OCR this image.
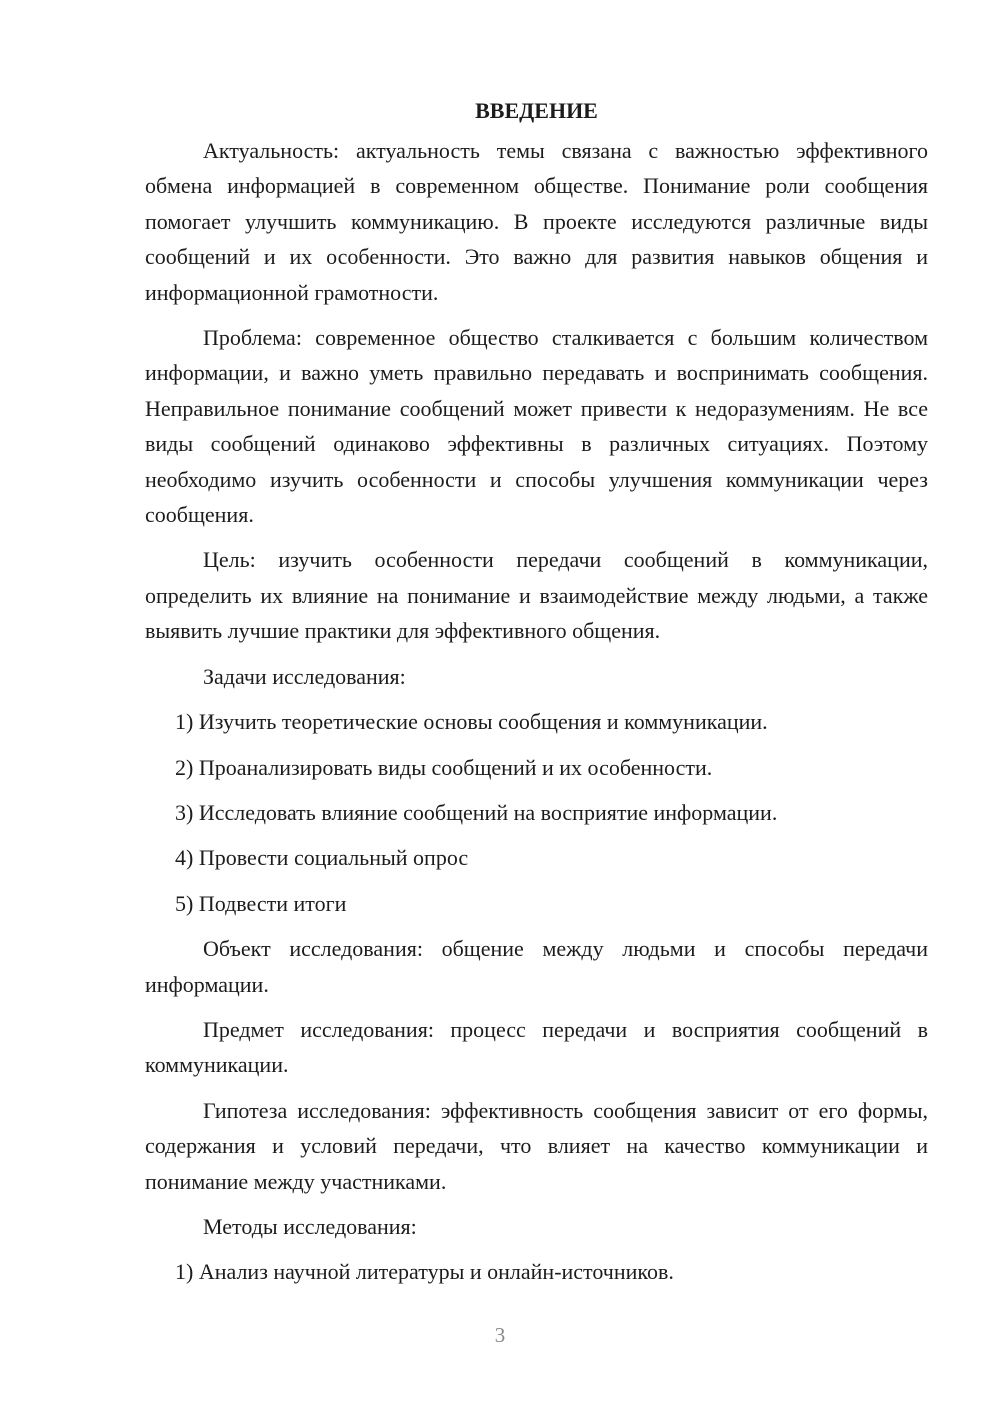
ВВЕДЕНИЕ

Актуальность: актуальность темы связана с важностью эффективного обмена информацией в современном обществе. Понимание роли сообщения помогает улучшить коммуникацию. В проекте исследуются различные виды сообщений и их особенности. Это важно для развития навыков общения и информационной грамотности.

Проблема: современное общество сталкивается с большим количеством информации, и важно уметь правильно передавать и воспринимать сообщения. Неправильное понимание сообщений может привести к недоразумениям. Не все виды сообщений одинаково эффективны в различных ситуациях. Поэтому необходимо изучить особенности и способы улучшения коммуникации через сообщения.

Цель: изучить особенности передачи сообщений в коммуникации, определить их влияние на понимание и взаимодействие между людьми, а также выявить лучшие практики для эффективного общения.

Задачи исследования:

1) Изучить теоретические основы сообщения и коммуникации.
2) Проанализировать виды сообщений и их особенности.
3) Исследовать влияние сообщений на восприятие информации.
4) Провести социальный опрос
5) Подвести итоги

Объект исследования: общение между людьми и способы передачи информации.

Предмет исследования: процесс передачи и восприятия сообщений в коммуникации.

Гипотеза исследования: эффективность сообщения зависит от его формы, содержания и условий передачи, что влияет на качество коммуникации и понимание между участниками.

Методы исследования:

1) Анализ научной литературы и онлайн-источников.
3
